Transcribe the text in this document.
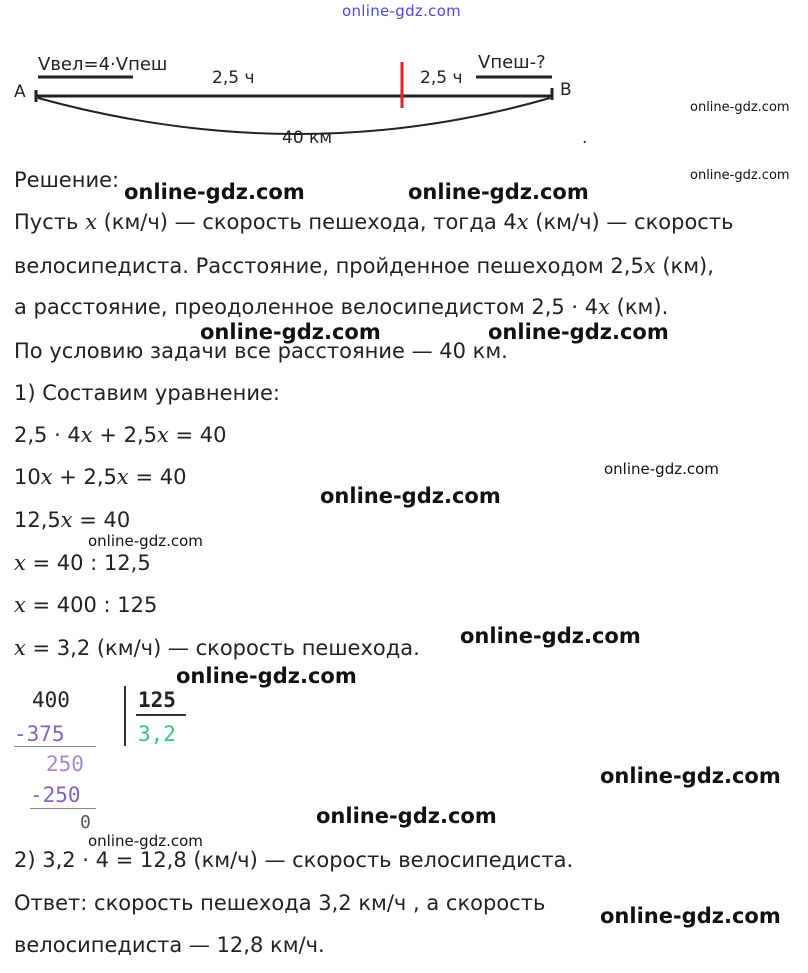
online-gdz.com
A	B
Vвел=4·Vпеш	Vпеш-?
2,5 ч	2,5 ч
40 км	.
Решение:
Пусть x (км/ч) — скорость пешехода, тогда 4x (км/ч) — скорость
велосипедиста. Расстояние, пройденное пешеходом 2,5x (км),
а расстояние, преодоленное велосипедистом 2,5 · 4x (км).
По условию задачи все расстояние — 40 км.
1) Составим уравнение:
2,5 · 4x + 2,5x = 40
10x + 2,5x = 40
12,5x = 40
x = 40 : 12,5
x = 400 : 125
x = 3,2 (км/ч) — скорость пешехода.
400	125
3,2
-375
250
-250
0
2) 3,2 · 4 = 12,8 (км/ч) — скорость велосипедиста.
Ответ: скорость пешехода 3,2 км/ч , а скорость
велосипедиста — 12,8 км/ч.
online-gdz.com
online-gdz.com
online-gdz.com	online-gdz.com
online-gdz.com	online-gdz.com
online-gdz.com
online-gdz.com
online-gdz.com
online-gdz.com
online-gdz.com
online-gdz.com
online-gdz.com
online-gdz.com
online-gdz.com
